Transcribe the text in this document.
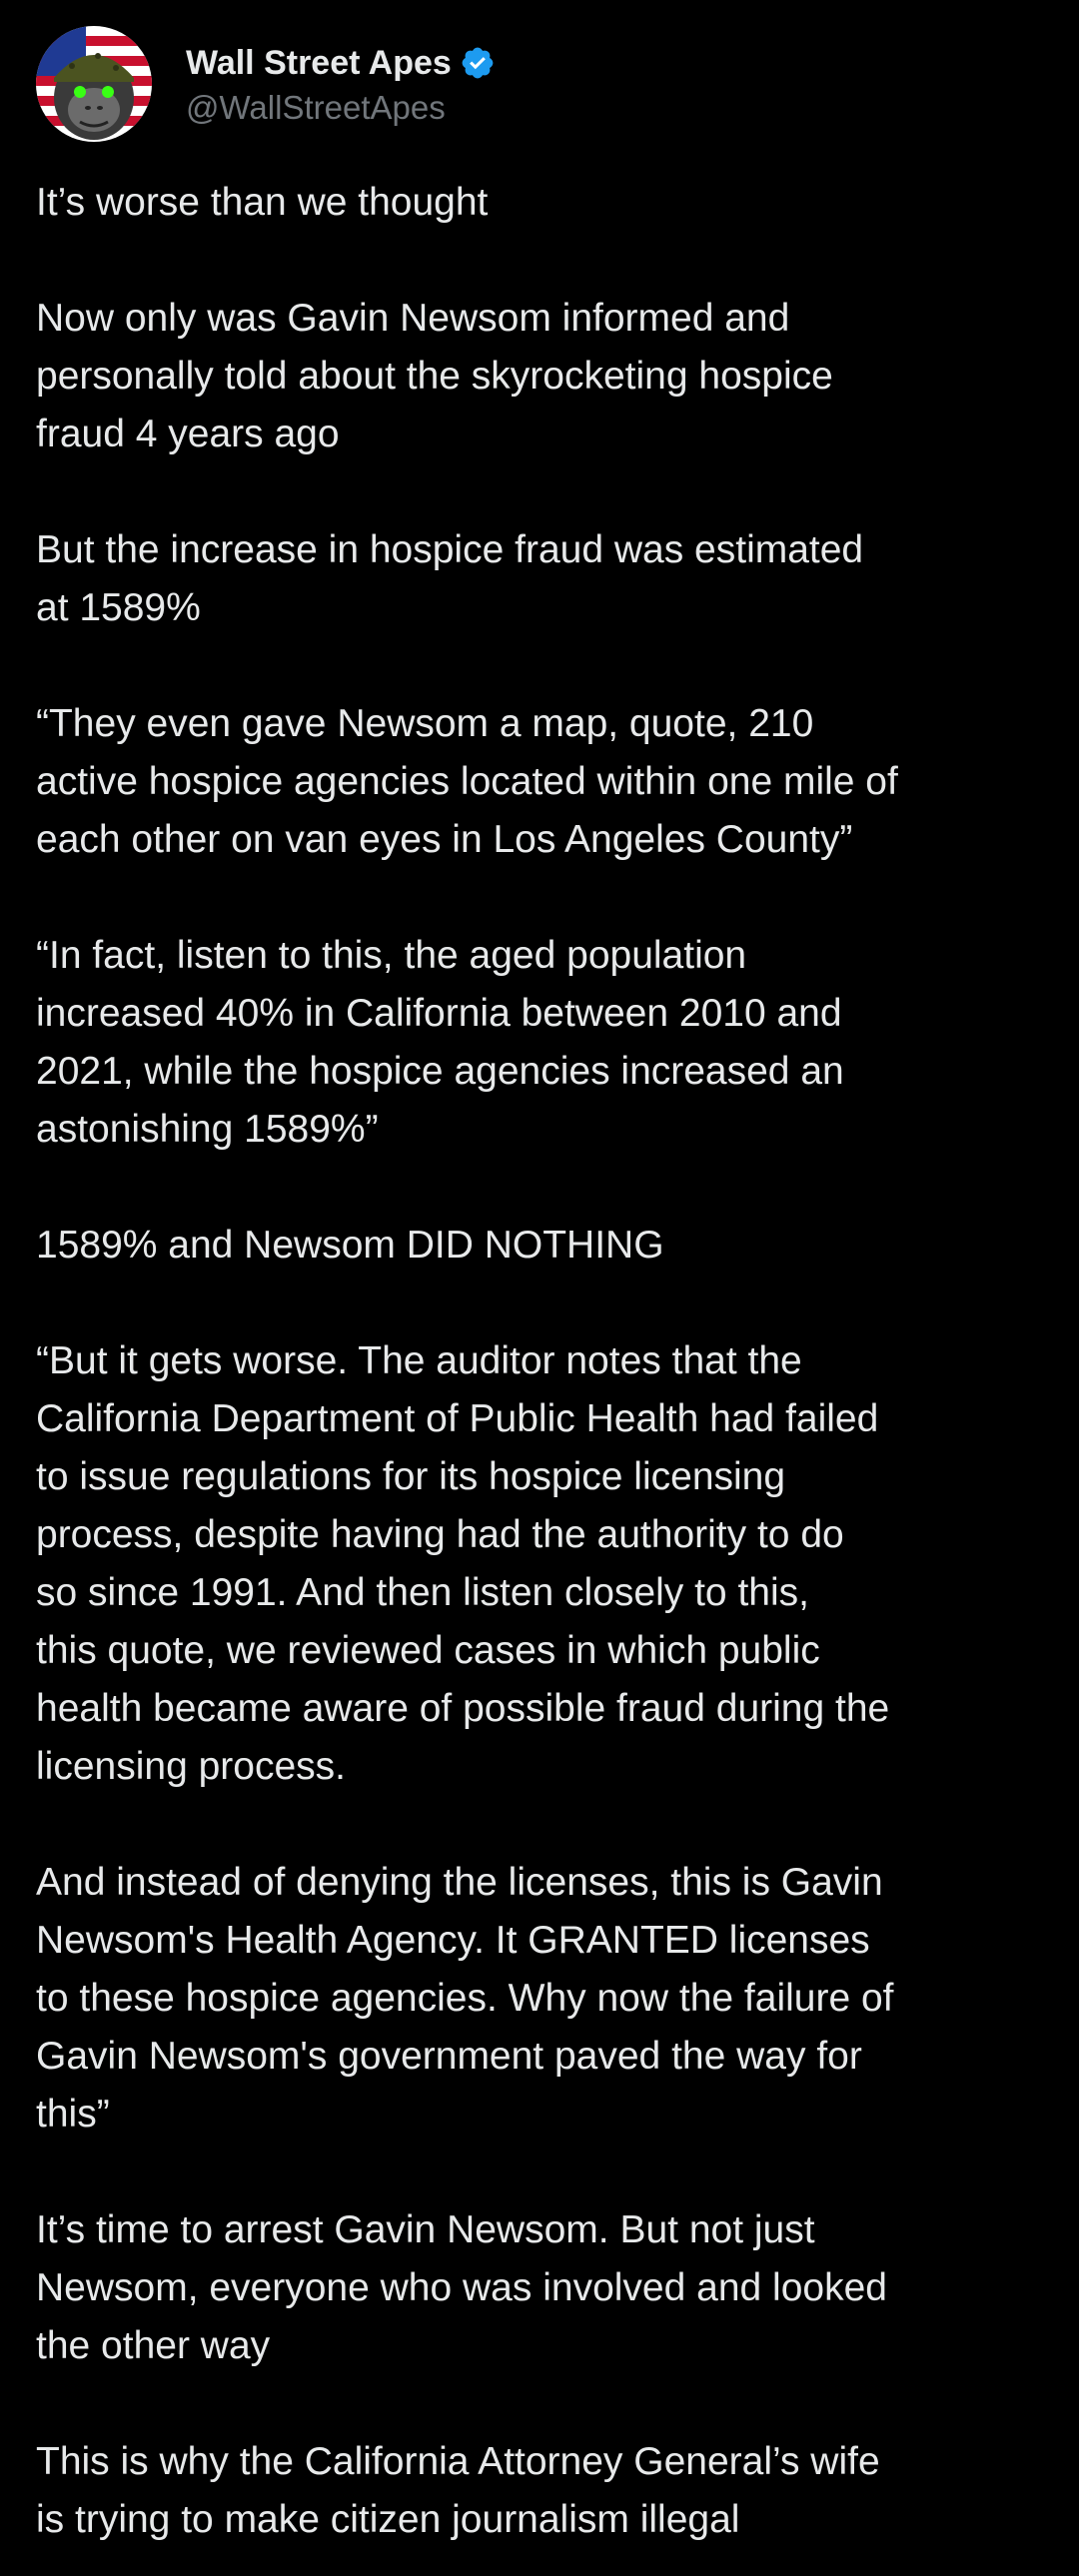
Wall Street Apes
@WallStreetApes

It’s worse than we thought

Now only was Gavin Newsom informed and
personally told about the skyrocketing hospice
fraud 4 years ago

But the increase in hospice fraud was estimated
at 1589%

“They even gave Newsom a map, quote, 210
active hospice agencies located within one mile of
each other on van eyes in Los Angeles County”

“In fact, listen to this, the aged population
increased 40% in California between 2010 and
2021, while the hospice agencies increased an
astonishing 1589%”

1589% and Newsom DID NOTHING

“But it gets worse. The auditor notes that the
California Department of Public Health had failed
to issue regulations for its hospice licensing
process, despite having had the authority to do
so since 1991. And then listen closely to this,
this quote, we reviewed cases in which public
health became aware of possible fraud during the
licensing process.

And instead of denying the licenses, this is Gavin
Newsom's Health Agency. It GRANTED licenses
to these hospice agencies. Why now the failure of
Gavin Newsom's government paved the way for
this”

It’s time to arrest Gavin Newsom. But not just
Newsom, everyone who was involved and looked
the other way

This is why the California Attorney General’s wife
is trying to make citizen journalism illegal
